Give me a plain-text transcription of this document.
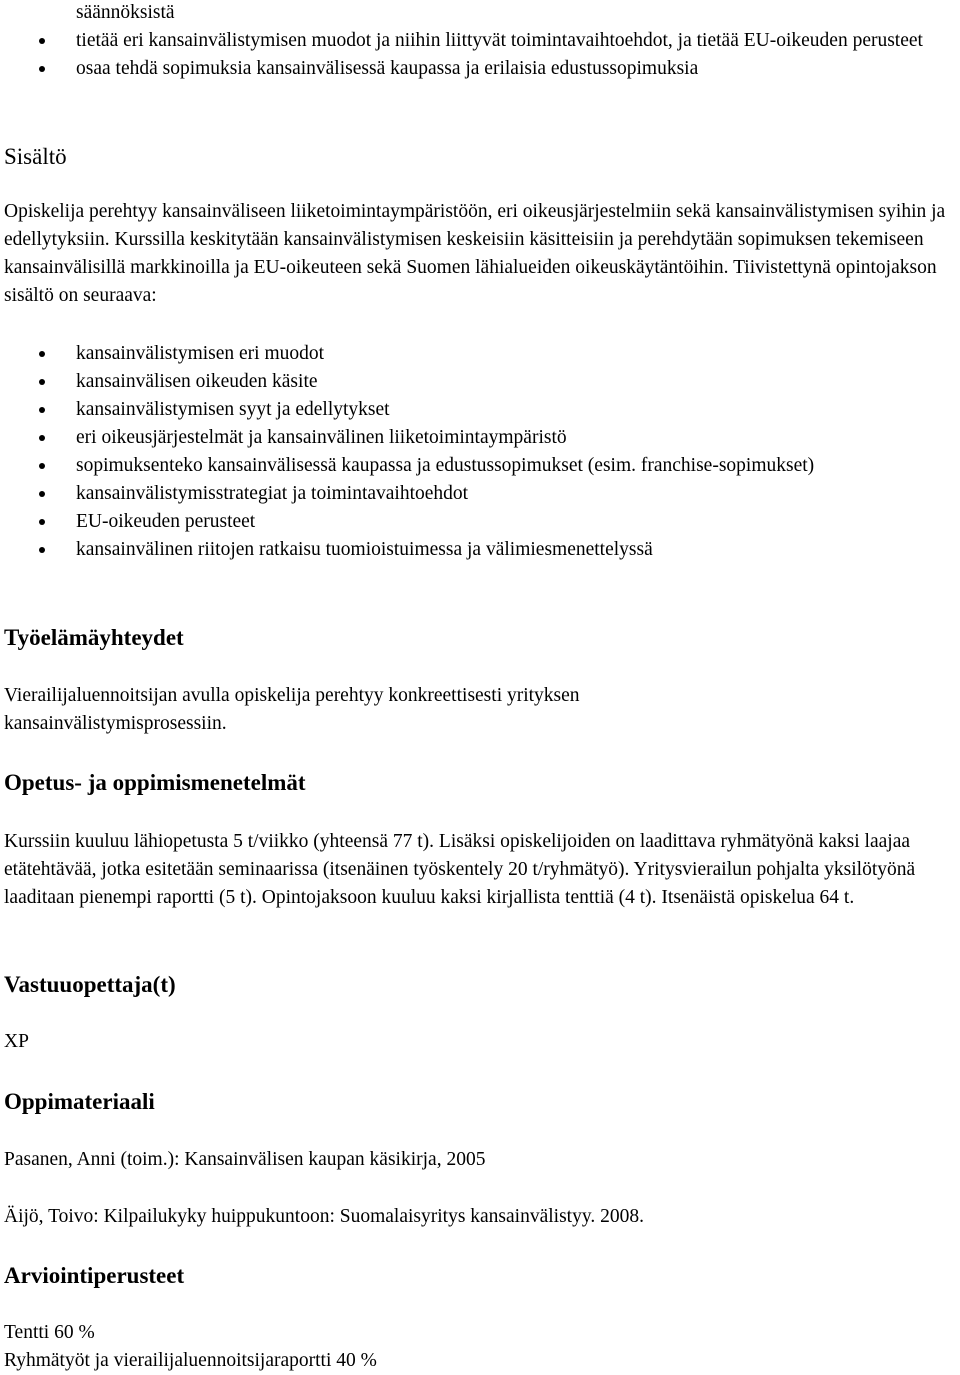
säännöksistä
tietää eri kansainvälistymisen muodot ja niihin liittyvät toimintavaihtoehdot, ja tietää EU-oikeuden perusteet
osaa tehdä sopimuksia kansainvälisessä kaupassa ja erilaisia edustussopimuksia
Sisältö

Opiskelija perehtyy kansainväliseen liiketoimintaympäristöön, eri oikeusjärjestelmiin sekä kansainvälistymisen syihin ja edellytyksiin. Kurssilla keskitytään kansainvälistymisen keskeisiin käsitteisiin ja perehdytään sopimuksen tekemiseen kansainvälisillä markkinoilla ja EU-oikeuteen sekä Suomen lähialueiden oikeuskäytäntöihin. Tiivistettynä opintojakson sisältö on seuraava:

kansainvälistymisen eri muodot
kansainvälisen oikeuden käsite
kansainvälistymisen syyt ja edellytykset
eri oikeusjärjestelmät ja kansainvälinen liiketoimintaympäristö
sopimuksenteko kansainvälisessä kaupassa ja edustussopimukset (esim. franchise-sopimukset)
kansainvälistymisstrategiat ja toimintavaihtoehdot
EU-oikeuden perusteet
kansainvälinen riitojen ratkaisu tuomioistuimessa ja välimiesmenettelyssä
Työelämäyhteydet

Vierailijaluennoitsijan avulla opiskelija perehtyy konkreettisesti yrityksen kansainvälistymisprosessiin.

Opetus- ja oppimismenetelmät

Kurssiin kuuluu lähiopetusta 5 t/viikko (yhteensä 77 t). Lisäksi opiskelijoiden on laadittava ryhmätyönä kaksi laajaa etätehtävää, jotka esitetään seminaarissa (itsenäinen työskentely 20 t/ryhmätyö). Yritysvierailun pohjalta yksilötyönä laaditaan pienempi raportti (5 t). Opintojaksoon kuuluu kaksi kirjallista tenttiä (4 t). Itsenäistä opiskelua 64 t.

Vastuuopettaja(t)

XP

Oppimateriaali

Pasanen, Anni (toim.): Kansainvälisen kaupan käsikirja, 2005

Äijö, Toivo: Kilpailukyky huippukuntoon: Suomalaisyritys kansainvälistyy. 2008.

Arviointiperusteet

Tentti 60 %

Ryhmätyöt ja vierailijaluennoitsijaraportti 40 %
